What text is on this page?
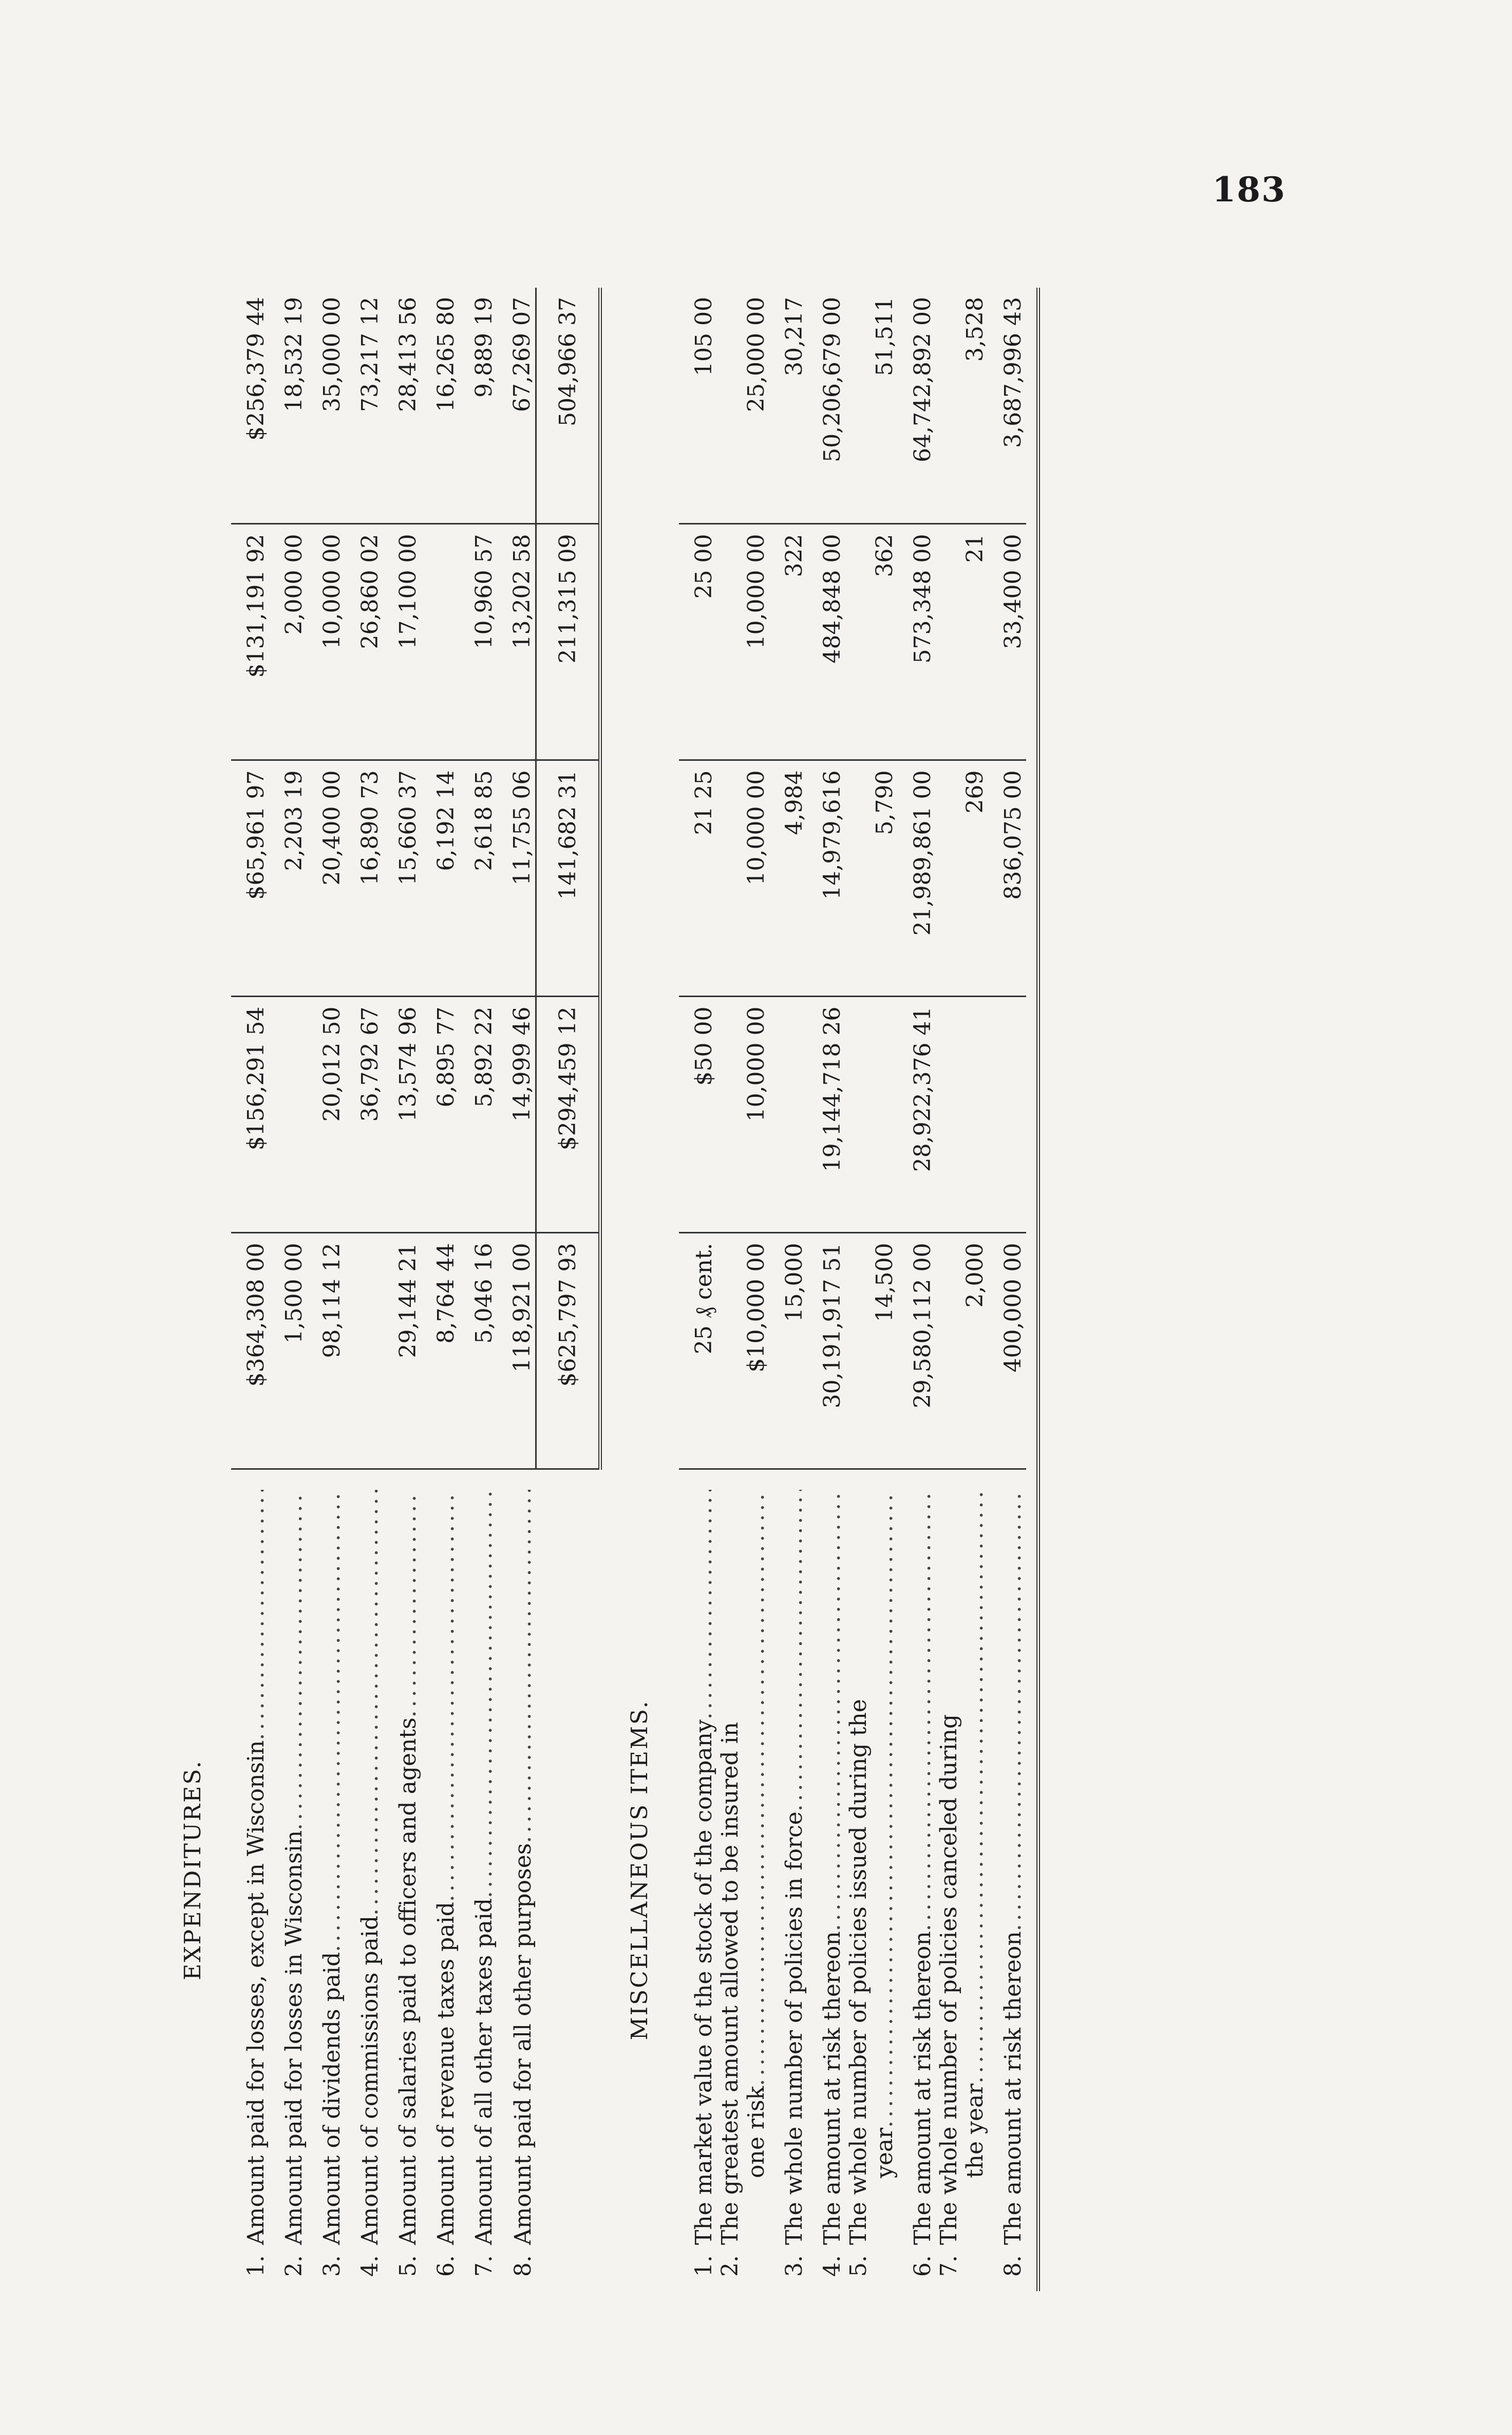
183
EXPENDITURES.					

1.
Amount paid for losses, except in Wisconsin
.....	$364,308 00	$156,291 54	$65,961 97	$131,191 92	$256,379 44

2.
Amount paid for losses in Wisconsin
.....	1,500 00		2,203 19	2,000 00	18,532 19

3.
Amount of dividends paid
.....	98,114 12	20,012 50	20,400 00	10,000 00	35,000 00

4.
Amount of commissions paid
.....		36,792 67	16,890 73	26,860 02	73,217 12

5.
Amount of salaries paid to officers and agents
.....	29,144 21	13,574 96	15,660 37	17,100 00	28,413 56

6.
Amount of revenue taxes paid
.....	8,764 44	6,895 77	6,192 14		16,265 80

7.
Amount of all other taxes paid
.....	5,046 16	5,892 22	2,618 85	10,960 57	9,889 19

8.
Amount paid for all other purposes
.....	118,921 00	14,999 46	11,755 06	13,202 58	67,269 07
	$625,797 93	$294,459 12	141,682 31	211,315 09	504,966 37
MISCELLANEOUS ITEMS.					

1.
The market value of the stock of the company
.....	25 ₰ cent.	$50 00	21 25	25 00	105 00

2.
The greatest amount allowed to be insured in one risk
.....	$10,000 00	10,000 00	10,000 00	10,000 00	25,000 00

3.
The whole number of policies in force
.....	15,000		4,984	322	30,217

4.
The amount at risk thereon
.....	30,191,917 51	19,144,718 26	14,979,616	484,848 00	50,206,679 00

5.
The whole number of policies issued during the year
.....	14,500		5,790	362	51,511

6.
The amount at risk thereon
.....	29,580,112 00	28,922,376 41	21,989,861 00	573,348 00	64,742,892 00

7.
The whole number of policies canceled during the year
.....	2,000		269	21	3,528

8.
The amount at risk thereon
.....	400,000 00		836,075 00	33,400 00	3,687,996 43
